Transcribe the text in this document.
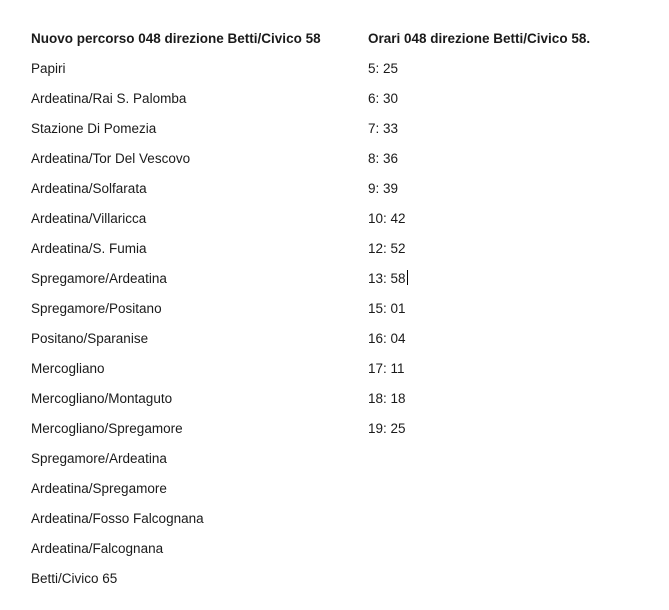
Nuovo percorso 048 direzione Betti/Civico 58
Papiri
Ardeatina/Rai S. Palomba
Stazione Di Pomezia
Ardeatina/Tor Del Vescovo
Ardeatina/Solfarata
Ardeatina/Villaricca
Ardeatina/S. Fumia
Spregamore/Ardeatina
Spregamore/Positano
Positano/Sparanise
Mercogliano
Mercogliano/Montaguto
Mercogliano/Spregamore
Spregamore/Ardeatina
Ardeatina/Spregamore
Ardeatina/Fosso Falcognana
Ardeatina/Falcognana
Betti/Civico 65
Orari 048 direzione Betti/Civico 58.
5: 25
6: 30
7: 33
8: 36
9: 39
10: 42
12: 52
13: 58
15: 01
16: 04
17: 11
18: 18
19: 25
